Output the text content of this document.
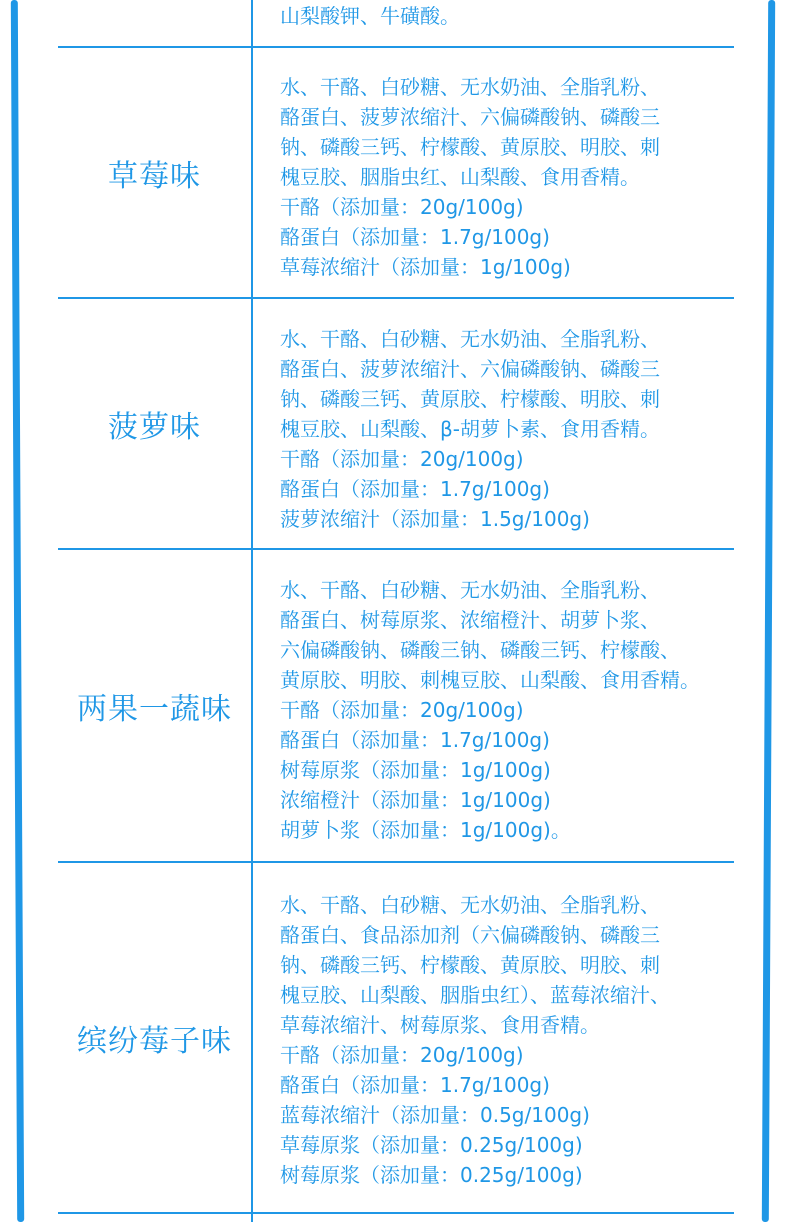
山梨酸钾、牛磺酸。

草莓味

水、干酪、白砂糖、无水奶油、全脂乳粉、

酪蛋白、菠萝浓缩汁、六偏磷酸钠、磷酸三

钠、磷酸三钙、柠檬酸、黄原胶、明胶、刺

槐豆胶、胭脂虫红、山梨酸、食用香精。

干酪（添加量：20g/100g)

酪蛋白（添加量：1.7g/100g)

草莓浓缩汁（添加量：1g/100g)

菠萝味

水、干酪、白砂糖、无水奶油、全脂乳粉、

酪蛋白、菠萝浓缩汁、六偏磷酸钠、磷酸三

钠、磷酸三钙、黄原胶、柠檬酸、明胶、刺

槐豆胶、山梨酸、β-胡萝卜素、食用香精。

干酪（添加量：20g/100g)

酪蛋白（添加量：1.7g/100g)

菠萝浓缩汁（添加量：1.5g/100g)

两果一蔬味

水、干酪、白砂糖、无水奶油、全脂乳粉、

酪蛋白、树莓原浆、浓缩橙汁、胡萝卜浆、

六偏磷酸钠、磷酸三钠、磷酸三钙、柠檬酸、

黄原胶、明胶、刺槐豆胶、山梨酸、食用香精。

干酪（添加量：20g/100g)

酪蛋白（添加量：1.7g/100g)

树莓原浆（添加量：1g/100g)

浓缩橙汁（添加量：1g/100g)

胡萝卜浆（添加量：1g/100g)。

缤纷莓子味

水、干酪、白砂糖、无水奶油、全脂乳粉、

酪蛋白、食品添加剂（六偏磷酸钠、磷酸三

钠、磷酸三钙、柠檬酸、黄原胶、明胶、刺

槐豆胶、山梨酸、胭脂虫红）、蓝莓浓缩汁、

草莓浓缩汁、树莓原浆、食用香精。

干酪（添加量：20g/100g)

酪蛋白（添加量：1.7g/100g)

蓝莓浓缩汁（添加量：0.5g/100g)

草莓原浆（添加量：0.25g/100g)

树莓原浆（添加量：0.25g/100g)
